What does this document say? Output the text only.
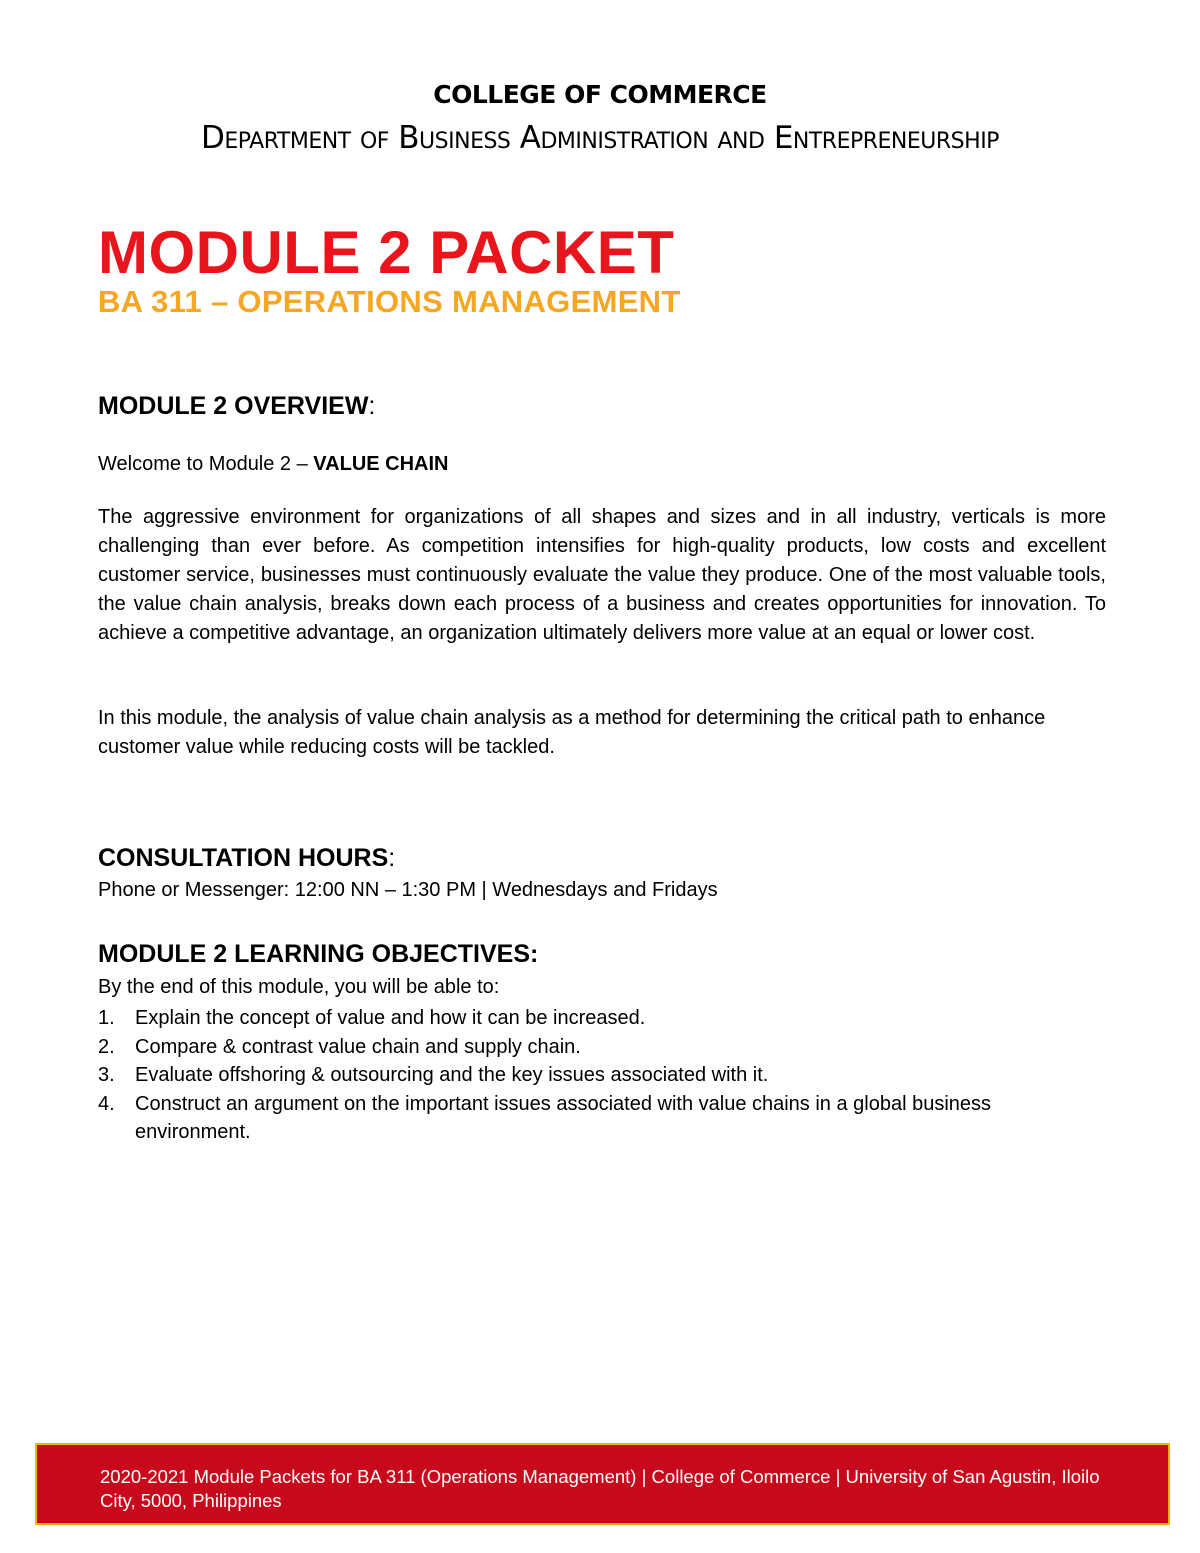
COLLEGE OF COMMERCE
Department of Business Administration and Entrepreneurship
MODULE 2 PACKET
BA 311 – OPERATIONS MANAGEMENT
MODULE 2 OVERVIEW:
Welcome to Module 2 – VALUE CHAIN
The aggressive environment for organizations of all shapes and sizes and in all industry, verticals is more challenging than ever before. As competition intensifies for high-quality products, low costs and excellent customer service, businesses must continuously evaluate the value they produce. One of the most valuable tools, the value chain analysis, breaks down each process of a business and creates opportunities for innovation. To achieve a competitive advantage, an organization ultimately delivers more value at an equal or lower cost.
In this module, the analysis of value chain analysis as a method for determining the critical path to enhance customer value while reducing costs will be tackled.
CONSULTATION HOURS:
Phone or Messenger: 12:00 NN – 1:30 PM | Wednesdays and Fridays
MODULE 2 LEARNING OBJECTIVES:
By the end of this module, you will be able to:
1. Explain the concept of value and how it can be increased.
2. Compare & contrast value chain and supply chain.
3. Evaluate offshoring & outsourcing and the key issues associated with it.
4. Construct an argument on the important issues associated with value chains in a global business environment.
2020-2021 Module Packets for BA 311 (Operations Management) | College of Commerce | University of San Agustin, Iloilo City, 5000, Philippines
